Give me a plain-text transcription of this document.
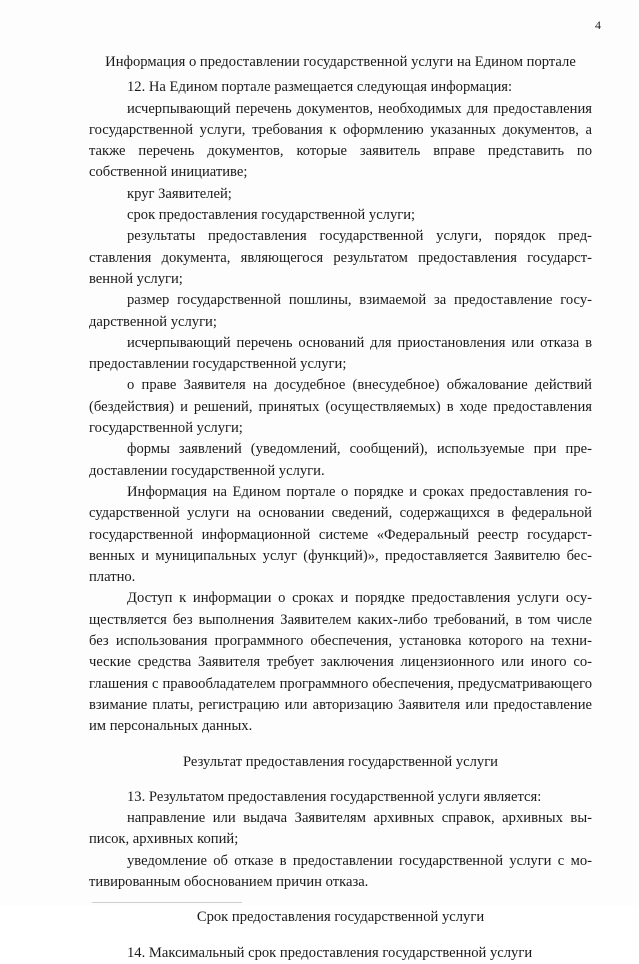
4
Информация о предоставлении государственной услуги на Едином портале

12. На Едином портале размещается следующая информация:

исчерпывающий перечень документов, необходимых для предоставления государственной услуги, требования к оформлению указанных документов, а также перечень документов, которые заявитель вправе представить по собственной инициативе;

круг Заявителей;

срок предоставления государственной услуги;

результаты предоставления государственной услуги, порядок представления документа, являющегося результатом предоставления государственной услуги;

размер государственной пошлины, взимаемой за предоставление государственной услуги;

исчерпывающий перечень оснований для приостановления или отказа в предоставлении государственной услуги;

о праве Заявителя на досудебное (внесудебное) обжалование действий (бездействия) и решений, принятых (осуществляемых) в ходе предоставления государственной услуги;

формы заявлений (уведомлений, сообщений), используемые при предоставлении государственной услуги.

Информация на Едином портале о порядке и сроках предоставления государственной услуги на основании сведений, содержащихся в федеральной государственной информационной системе «Федеральный реестр государственных и муниципальных услуг (функций)», предоставляется Заявителю бесплатно.

Доступ к информации о сроках и порядке предоставления услуги осуществляется без выполнения Заявителем каких-либо требований, в том числе без использования программного обеспечения, установка которого на технические средства Заявителя требует заключения лицензионного или иного соглашения с правообладателем программного обеспечения, предусматривающего взимание платы, регистрацию или авторизацию Заявителя или предоставление им персональных данных.

Результат предоставления государственной услуги

13. Результатом предоставления государственной услуги является:

направление или выдача Заявителям архивных справок, архивных выписок, архивных копий;

уведомление об отказе в предоставлении государственной услуги с мотивированным обоснованием причин отказа.

Срок предоставления государственной услуги

14. Максимальный срок предоставления государственной услуги
